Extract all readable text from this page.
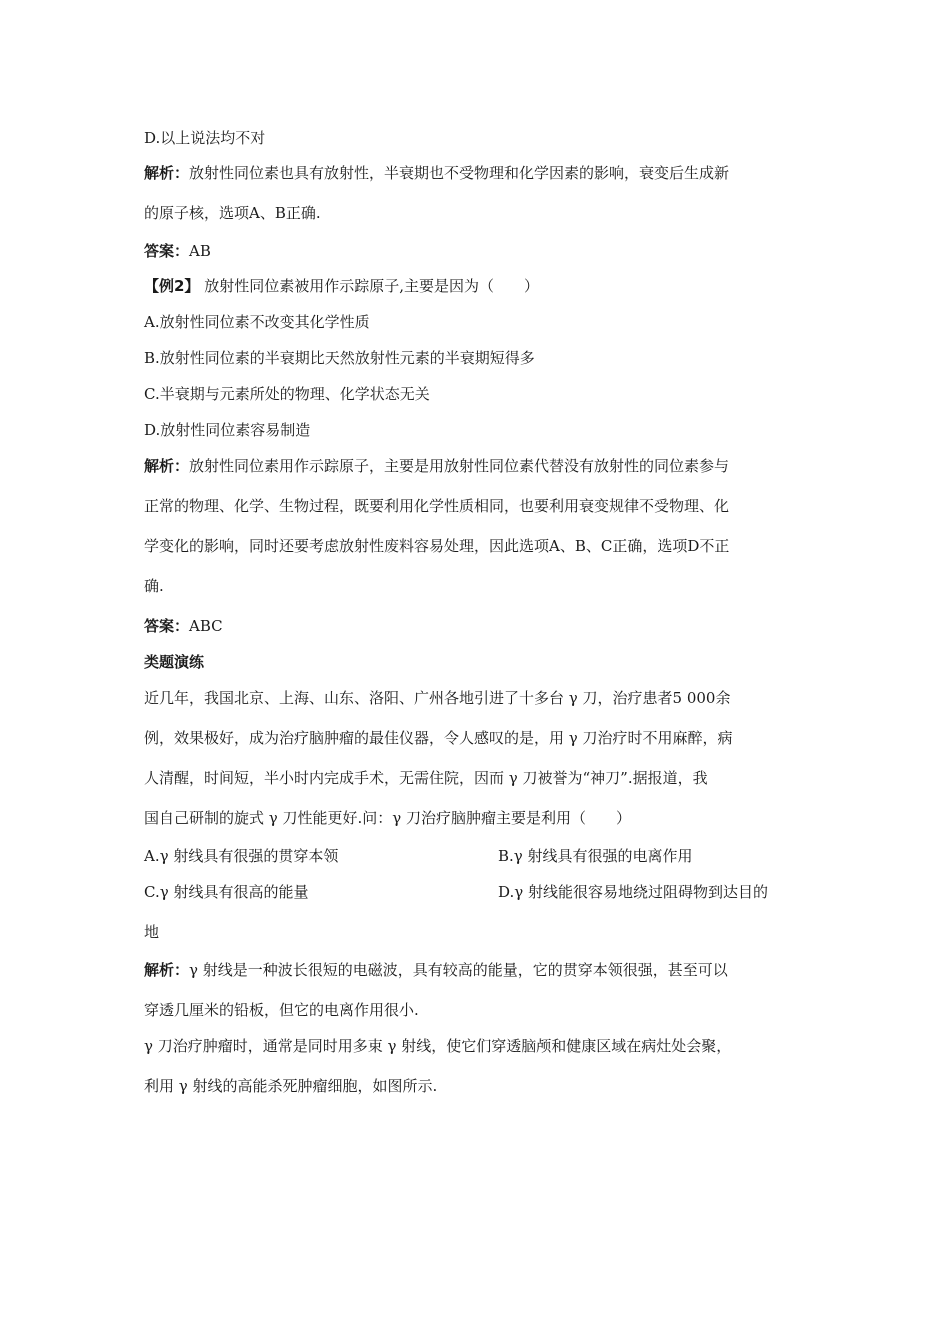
D.以上说法均不对
解析：放射性同位素也具有放射性，半衰期也不受物理和化学因素的影响，衰变后生成新
的原子核，选项A、B正确.
答案：AB
【例2】 放射性同位素被用作示踪原子,主要是因为（　　）
A.放射性同位素不改变其化学性质
B.放射性同位素的半衰期比天然放射性元素的半衰期短得多
C.半衰期与元素所处的物理、化学状态无关
D.放射性同位素容易制造
解析：放射性同位素用作示踪原子，主要是用放射性同位素代替没有放射性的同位素参与
正常的物理、化学、生物过程，既要利用化学性质相同，也要利用衰变规律不受物理、化
学变化的影响，同时还要考虑放射性废料容易处理，因此选项A、B、C正确，选项D不正
确.
答案：ABC
类题演练
近几年，我国北京、上海、山东、洛阳、广州各地引进了十多台 γ 刀，治疗患者5 000余
例，效果极好，成为治疗脑肿瘤的最佳仪器，令人感叹的是，用 γ 刀治疗时不用麻醉，病
人清醒，时间短，半小时内完成手术，无需住院，因而 γ 刀被誉为“神刀”.据报道，我
国自己研制的旋式 γ 刀性能更好.问：γ 刀治疗脑肿瘤主要是利用（　　）
A.γ 射线具有很强的贯穿本领	B.γ 射线具有很强的电离作用
C.γ 射线具有很高的能量	D.γ 射线能很容易地绕过阻碍物到达目的
地
解析：γ 射线是一种波长很短的电磁波，具有较高的能量，它的贯穿本领很强，甚至可以
穿透几厘米的铅板，但它的电离作用很小.
γ 刀治疗肿瘤时，通常是同时用多束 γ 射线，使它们穿透脑颅和健康区域在病灶处会聚，
利用 γ 射线的高能杀死肿瘤细胞，如图所示.
